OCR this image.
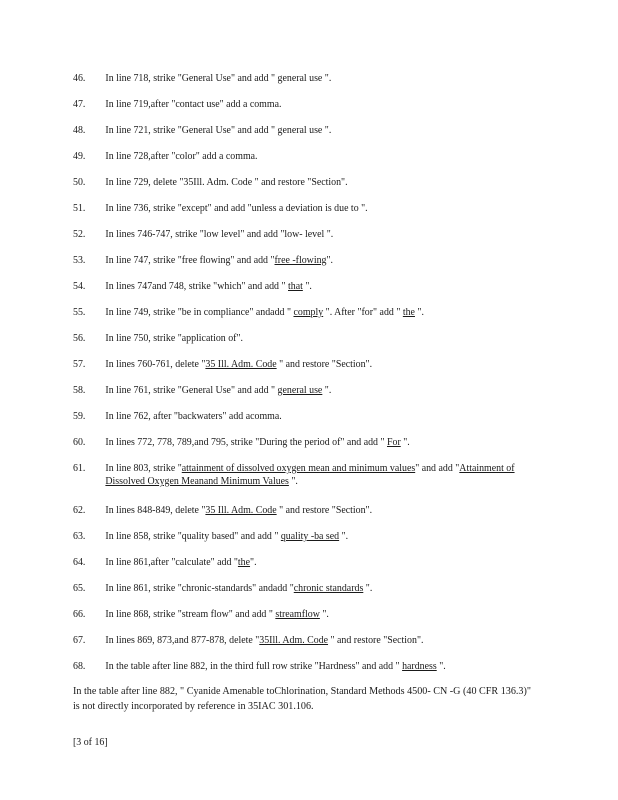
46.	In line 718, strike "General Use" and add " general use ".
47.	In line 719,after "contact use" add a comma.
48.	In line 721, strike "General Use" and add " general use ".
49.	In line 728,after "color" add a comma.
50.	In line 729, delete "35Ill. Adm. Code " and restore "Section".
51.	In line 736, strike "except" and add "unless a deviation is due to ".
52.	In lines 746-747, strike "low level" and add "low- level ".
53.	In line 747, strike "free flowing" and add "free -flowing".
54.	In lines 747and 748, strike "which" and add " that ".
55.	In line 749, strike "be in compliance" andadd " comply ". After "for" add " the ".
56.	In line 750, strike "application of".
57.	In lines 760-761, delete "35 Ill. Adm. Code " and restore "Section".
58.	In line 761, strike "General Use" and add " general use ".
59.	In line 762, after "backwaters" add acomma.
60.	In lines 772, 778, 789,and 795, strike "During the period of" and add " For ".
61.	In line 803, strike "attainment of dissolved oxygen mean and minimum values" and add "Attainment of Dissolved Oxygen Meanand Minimum Values ".
62.	In lines 848-849, delete "35 Ill. Adm. Code " and restore "Section".
63.	In line 858, strike "quality based" and add " quality -ba sed ".
64.	In line 861,after "calculate" add "the".
65.	In line 861, strike "chronic-standards" andadd "chronic standards ".
66.	In line 868, strike "stream flow" and add " streamflow ".
67.	In lines 869, 873,and 877-878, delete "35Ill. Adm. Code " and restore "Section".
68.	In the table after line 882, in the third full row strike "Hardness" and add " hardness ".
In the table after line 882, " Cyanide Amenable toChlorination, Standard Methods 4500- CN -G (40 CFR 136.3)" is not directly incorporated by reference in 35IAC 301.106.
[3 of 16]
